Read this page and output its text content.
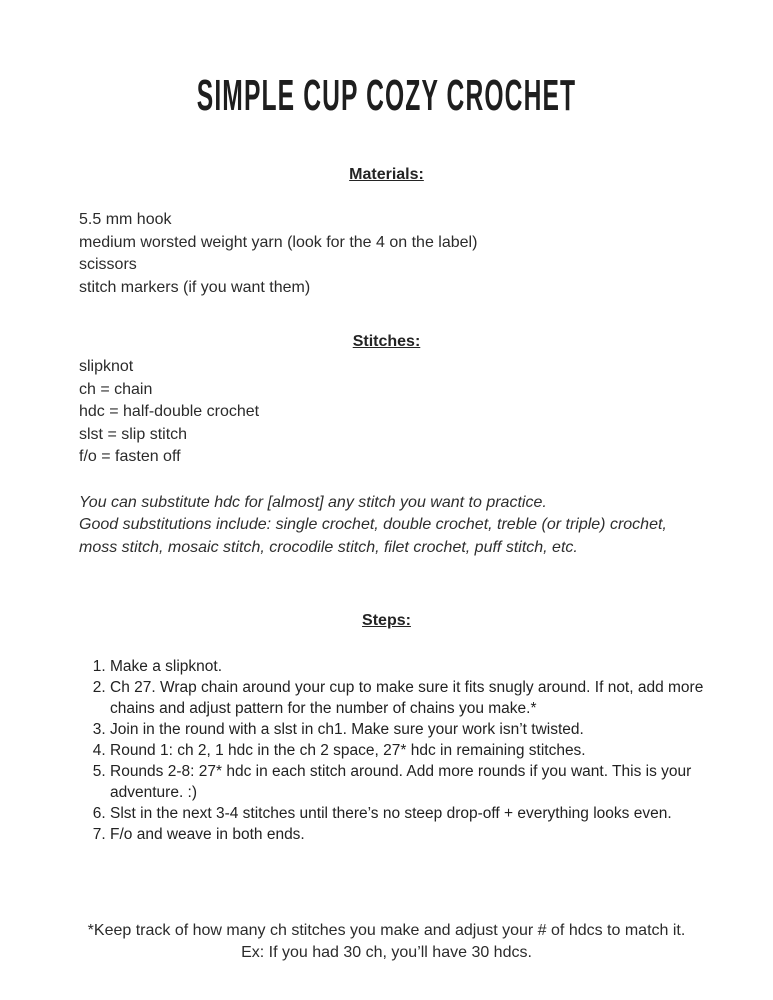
SIMPLE CUP COZY CROCHET
Materials:
5.5 mm hook
medium worsted weight yarn (look for the 4 on the label)
scissors
stitch markers (if you want them)
Stitches:
slipknot
ch = chain
hdc = half-double crochet
slst = slip stitch
f/o = fasten off

You can substitute hdc for [almost] any stitch you want to practice.

Good substitutions include: single crochet, double crochet, treble (or triple) crochet, moss stitch, mosaic stitch, crocodile stitch, filet crochet, puff stitch, etc.

Steps:
1. Make a slipknot.
2. Ch 27. Wrap chain around your cup to make sure it fits snugly around. If not, add more chains and adjust pattern for the number of chains you make.*
3. Join in the round with a slst in ch1. Make sure your work isn’t twisted.
4. Round 1: ch 2, 1 hdc in the ch 2 space, 27* hdc in remaining stitches.
5. Rounds 2-8: 27* hdc in each stitch around. Add more rounds if you want. This is your adventure. :)
6. Slst in the next 3-4 stitches until there’s no steep drop-off + everything looks even.
7. F/o and weave in both ends.

*Keep track of how many ch stitches you make and adjust your # of hdcs to match it.

Ex: If you had 30 ch, you’ll have 30 hdcs.
